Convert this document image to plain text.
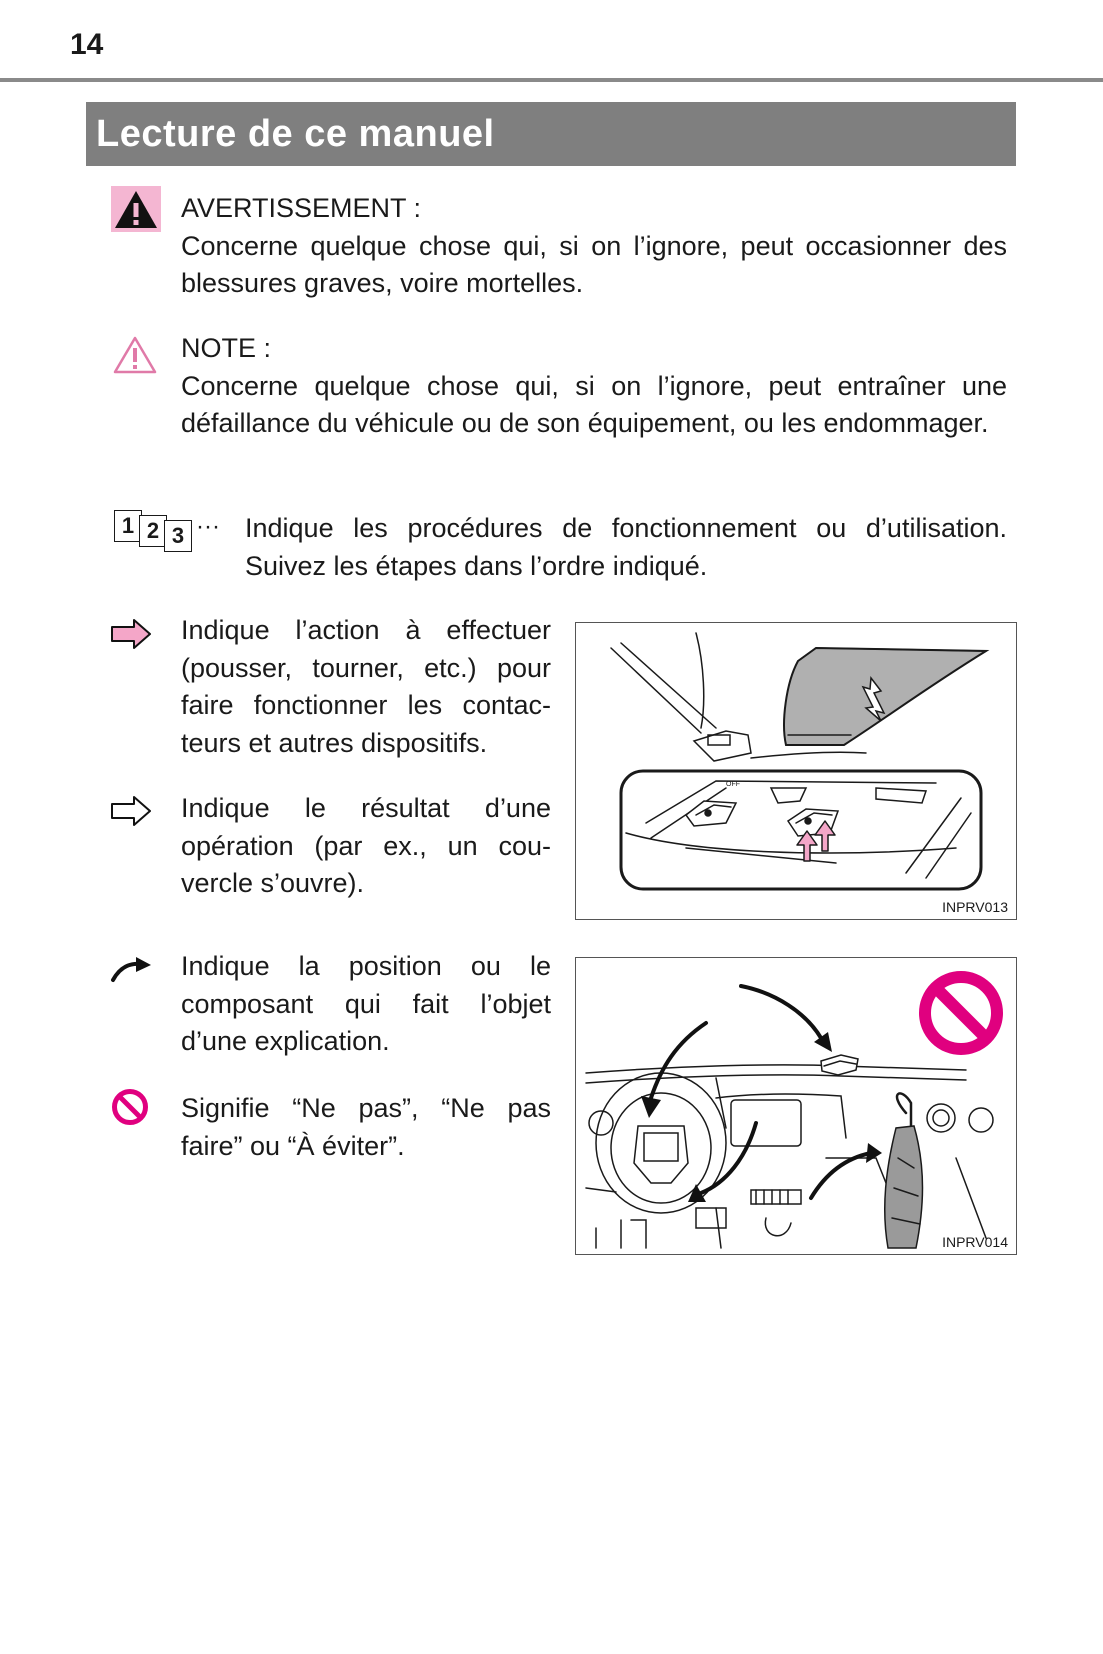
14
Lecture de ce manuel

AVERTISSEMENT :

Concerne quelque chose qui, si on l’ignore, peut occasionner des blessures graves, voire mortelles.

NOTE :

Concerne quelque chose qui, si on l’ignore, peut entraîner une défaillance du véhicule ou de son équipement, ou les endommager.

1 2 3 ··· Indique les procédures de fonctionnement ou d’utilisation. Suivez les étapes dans l’ordre indiqué.
Indique l’action à effectuer (pousser, tourner, etc.) pour faire fonctionner les contacteurs et autres dispositifs.
Indique le résultat d’une opération (par ex., un couvercle s’ouvre).
Indique la position ou le composant qui fait l’objet d’une explication.
Signifie “Ne pas”, “Ne pas faire” ou “À éviter”.
OFF
INPRV013
INPRV014
